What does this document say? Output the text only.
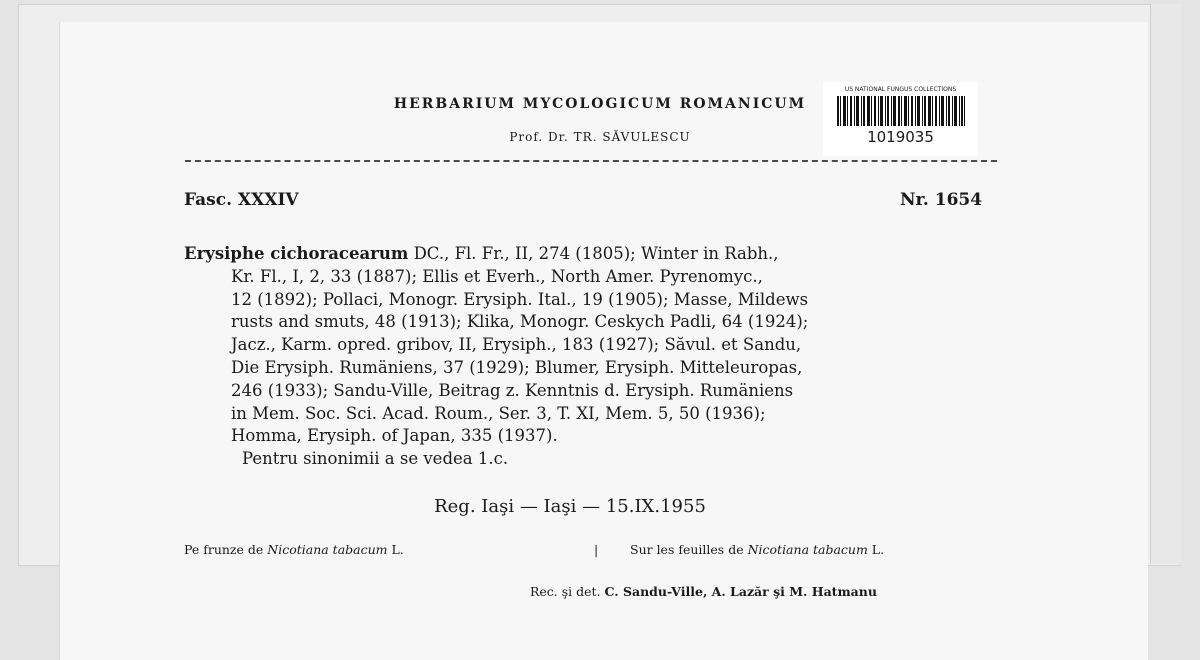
HERBARIUM MYCOLOGICUM ROMANICUM
Prof. Dr. TR. SĂVULESCU
US NATIONAL FUNGUS COLLECTIONS
1019035
Fasc. XXXIV	Nr. 1654
Erysiphe cichoracearum DC., Fl. Fr., II, 274 (1805); Winter in Rabh.,
Kr. Fl., I, 2, 33 (1887); Ellis et Everh., North Amer. Pyrenomyc.,
12 (1892); Pollaci, Monogr. Erysiph. Ital., 19 (1905); Masse, Mildews
rusts and smuts, 48 (1913); Klika, Monogr. Ceskych Padli, 64 (1924);
Jacz., Karm. opred. gribov, II, Erysiph., 183 (1927); Săvul. et Sandu,
Die Erysiph. Rumäniens, 37 (1929); Blumer, Erysiph. Mitteleuropas,
246 (1933); Sandu-Ville, Beitrag z. Kenntnis d. Erysiph. Rumäniens
in Mem. Soc. Sci. Acad. Roum., Ser. 3, T. XI, Mem. 5, 50 (1936);
Homma, Erysiph. of Japan, 335 (1937).
Pentru sinonimii a se vedea 1.c.
Reg. Iaşi — Iaşi — 15.IX.1955
Pe frunze de Nicotiana tabacum L.	|	Sur les feuilles de Nicotiana tabacum L.
Rec. şi det. C. Sandu-Ville, A. Lazăr şi M. Hatmanu
